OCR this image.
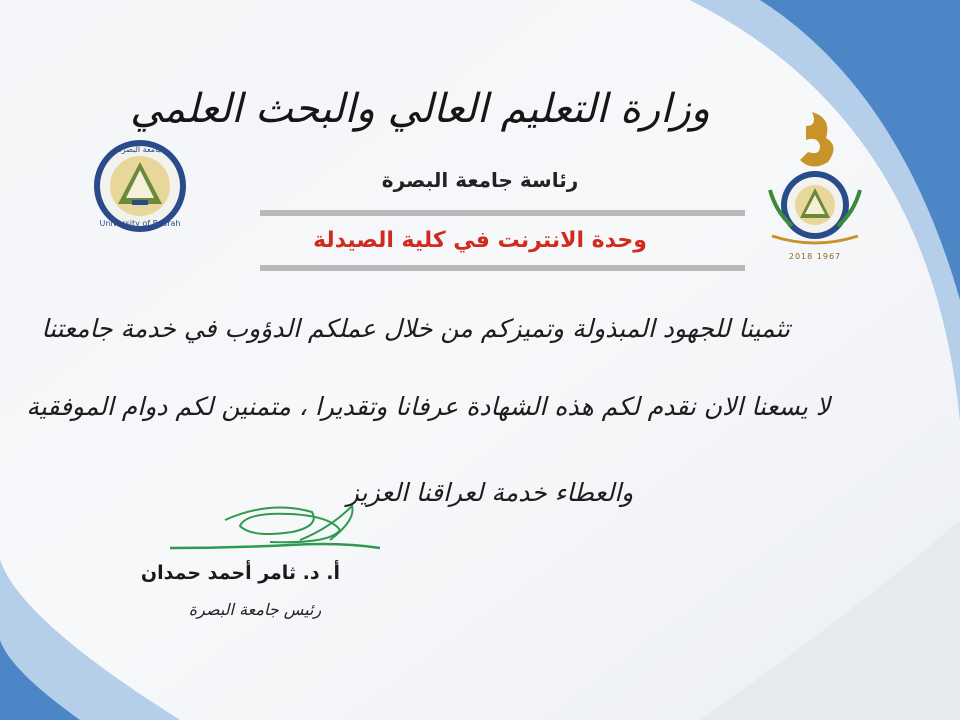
جامعة البصرة
University of Basrah
وزارة التعليم العالي والبحث العلمي
رئاسة جامعة البصرة
وحدة الانترنت في كلية الصيدلة
تثمينا للجهود المبذولة وتميزكم من خلال عملكم الدؤوب في خدمة جامعتنا
لا يسعنا الان نقدم لكم هذه الشهادة عرفانا وتقديرا ، متمنين لكم دوام الموفقية
والعطاء خدمة لعراقنا العزيز
أ. د. ثامر أحمد حمدان
رئيس جامعة البصرة
2018 1967
